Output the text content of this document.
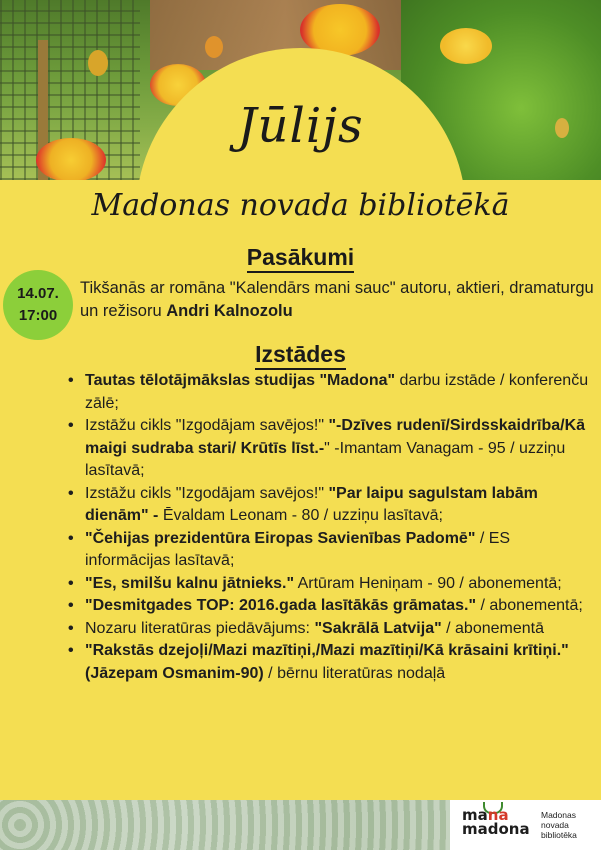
mana
madona
Madonas
novada
bibliotēka
Jūlijs
Madonas novada bibliotēkā
Pasākumi
14.07.
17:00
Tikšanās ar romāna "Kalendārs mani sauc" autoru, aktieri, dramaturgu un režisoru Andri Kalnozolu
Izstādes
• Tautas tēlotājmākslas studijas "Madona" darbu izstāde / konferenču zālē;
• Izstāžu cikls "Izgodājam savējos!" "-Dzīves rudenī/Sirdsskaidrība/Kā maigi sudraba stari/ Krūtīs līst.-" -Imantam Vanagam - 95 / uzziņu lasītavā;
• Izstāžu cikls "Izgodājam savējos!" "Par laipu sagulstam labām dienām" - Ēvaldam Leonam - 80 / uzziņu lasītavā;
• "Čehijas prezidentūra Eiropas Savienības Padomē" / ES informācijas lasītavā;
• "Es, smilšu kalnu jātnieks." Artūram Heniņam - 90 / abonementā;
• "Desmitgades TOP: 2016.gada lasītākās grāmatas." / abonementā;
• Nozaru literatūras piedāvājums: "Sakrālā Latvija" / abonementā
• "Rakstās dzejoļi/Mazi mazītiņi,/Mazi mazītiņi/Kā krāsaini krītiņi." (Jāzepam Osmanim-90) / bērnu literatūras nodaļā
